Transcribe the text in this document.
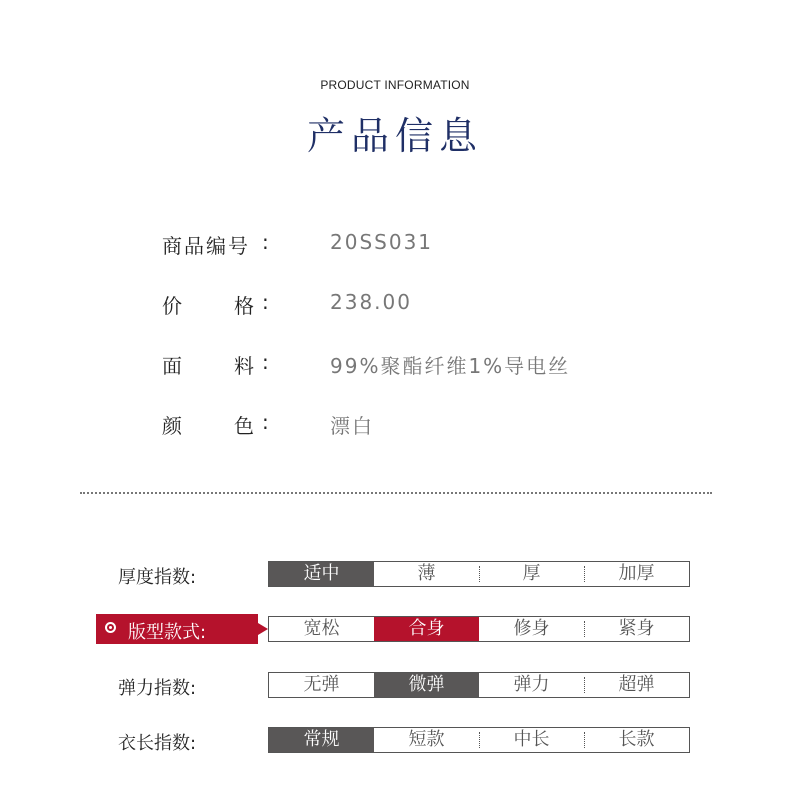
PRODUCT INFORMATION
产品信息
商品编号 :	20SS031
价	格 :	238.00
面	料 :	99%聚酯纤维1%导电丝
颜	色 :	漂白
厚度指数:	适中	薄	厚	加厚
版型款式:	宽松	合身	修身	紧身
弹力指数:	无弹	微弹	弹力	超弹
衣长指数:	常规	短款	中长	长款
